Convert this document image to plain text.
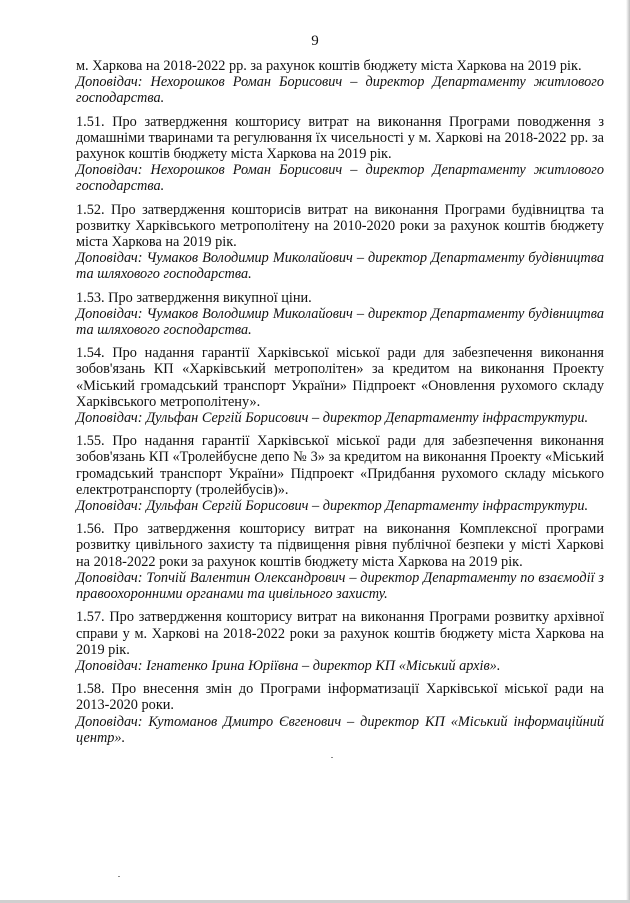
9

м. Харкова на 2018-2022 рр. за рахунок коштів бюджету міста Харкова на 2019 рік.

Доповідач: Нехорошков Роман Борисович – директор Департаменту житлового господарства.

1.51. Про затвердження кошторису витрат на виконання Програми поводження з домашніми тваринами та регулювання їх чисельності у м. Харкові на 2018-2022 рр. за рахунок коштів бюджету міста Харкова на 2019 рік.

Доповідач: Нехорошков Роман Борисович – директор Департаменту житлового господарства.

1.52. Про затвердження кошторисів витрат на виконання Програми будівництва та розвитку Харківського метрополітену на 2010-2020 роки за рахунок коштів бюджету міста Харкова на 2019 рік.

Доповідач: Чумаков Володимир Миколайович – директор Департаменту будівництва та шляхового господарства.

1.53. Про затвердження викупної ціни.

Доповідач: Чумаков Володимир Миколайович – директор Департаменту будівництва та шляхового господарства.

1.54. Про надання гарантії Харківської міської ради для забезпечення виконання зобов'язань КП «Харківський метрополітен» за кредитом на виконання Проекту «Міський громадський транспорт України» Підпроект «Оновлення рухомого складу Харківського метрополітену».

Доповідач: Дульфан Сергій Борисович – директор Департаменту інфраструктури.

1.55. Про надання гарантії Харківської міської ради для забезпечення виконання зобов'язань КП «Тролейбусне депо № 3» за кредитом на виконання Проекту «Міський громадський транспорт України» Підпроект «Придбання рухомого складу міського електротранспорту (тролейбусів)».

Доповідач: Дульфан Сергій Борисович – директор Департаменту інфраструктури.

1.56. Про затвердження кошторису витрат на виконання Комплексної програми розвитку цивільного захисту та підвищення рівня публічної безпеки у місті Харкові на 2018-2022 роки за рахунок коштів бюджету міста Харкова на 2019 рік.

Доповідач: Топчій Валентин Олександрович – директор Департаменту по взаємодії з правоохоронними органами та цивільного захисту.

1.57. Про затвердження кошторису витрат на виконання Програми розвитку архівної справи у м. Харкові на 2018-2022 роки за рахунок коштів бюджету міста Харкова на 2019 рік.

Доповідач: Ігнатенко Ірина Юріївна – директор КП «Міський архів».

1.58. Про внесення змін до Програми інформатизації Харківської міської ради на 2013-2020 роки.

Доповідач: Кутоманов Дмитро Євгенович – директор КП «Міський інформаційний центр».
